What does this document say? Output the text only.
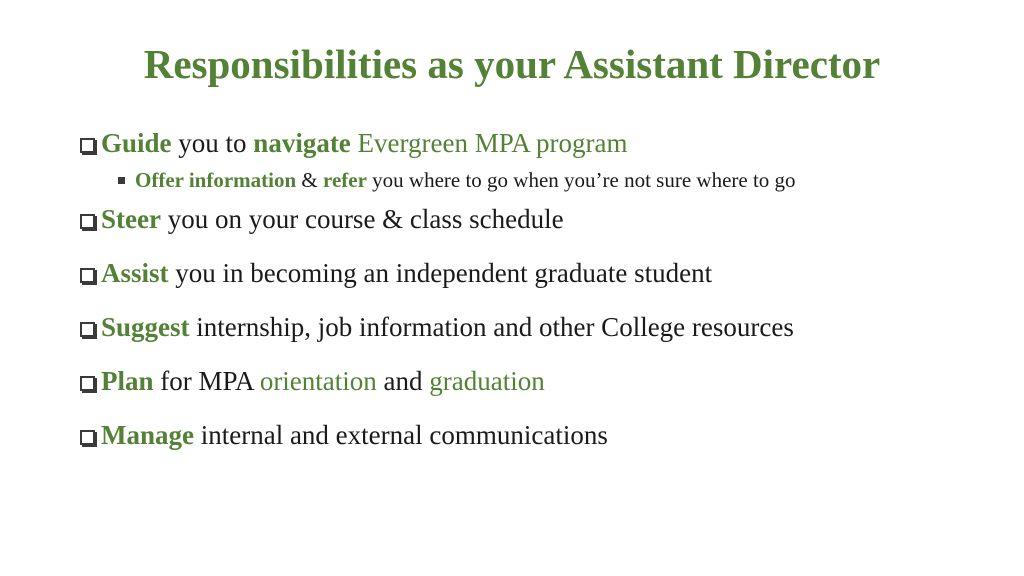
Responsibilities as your Assistant Director
Guide you to navigate
Evergreen MPA program
Offer information & refer you where to go when you’re not sure where to go
Steer you on your course & class schedule
Assist you in becoming an independent graduate student
Suggest internship, job information and other College resources
Plan for MPA orientation and graduation
Manage internal and external communications
